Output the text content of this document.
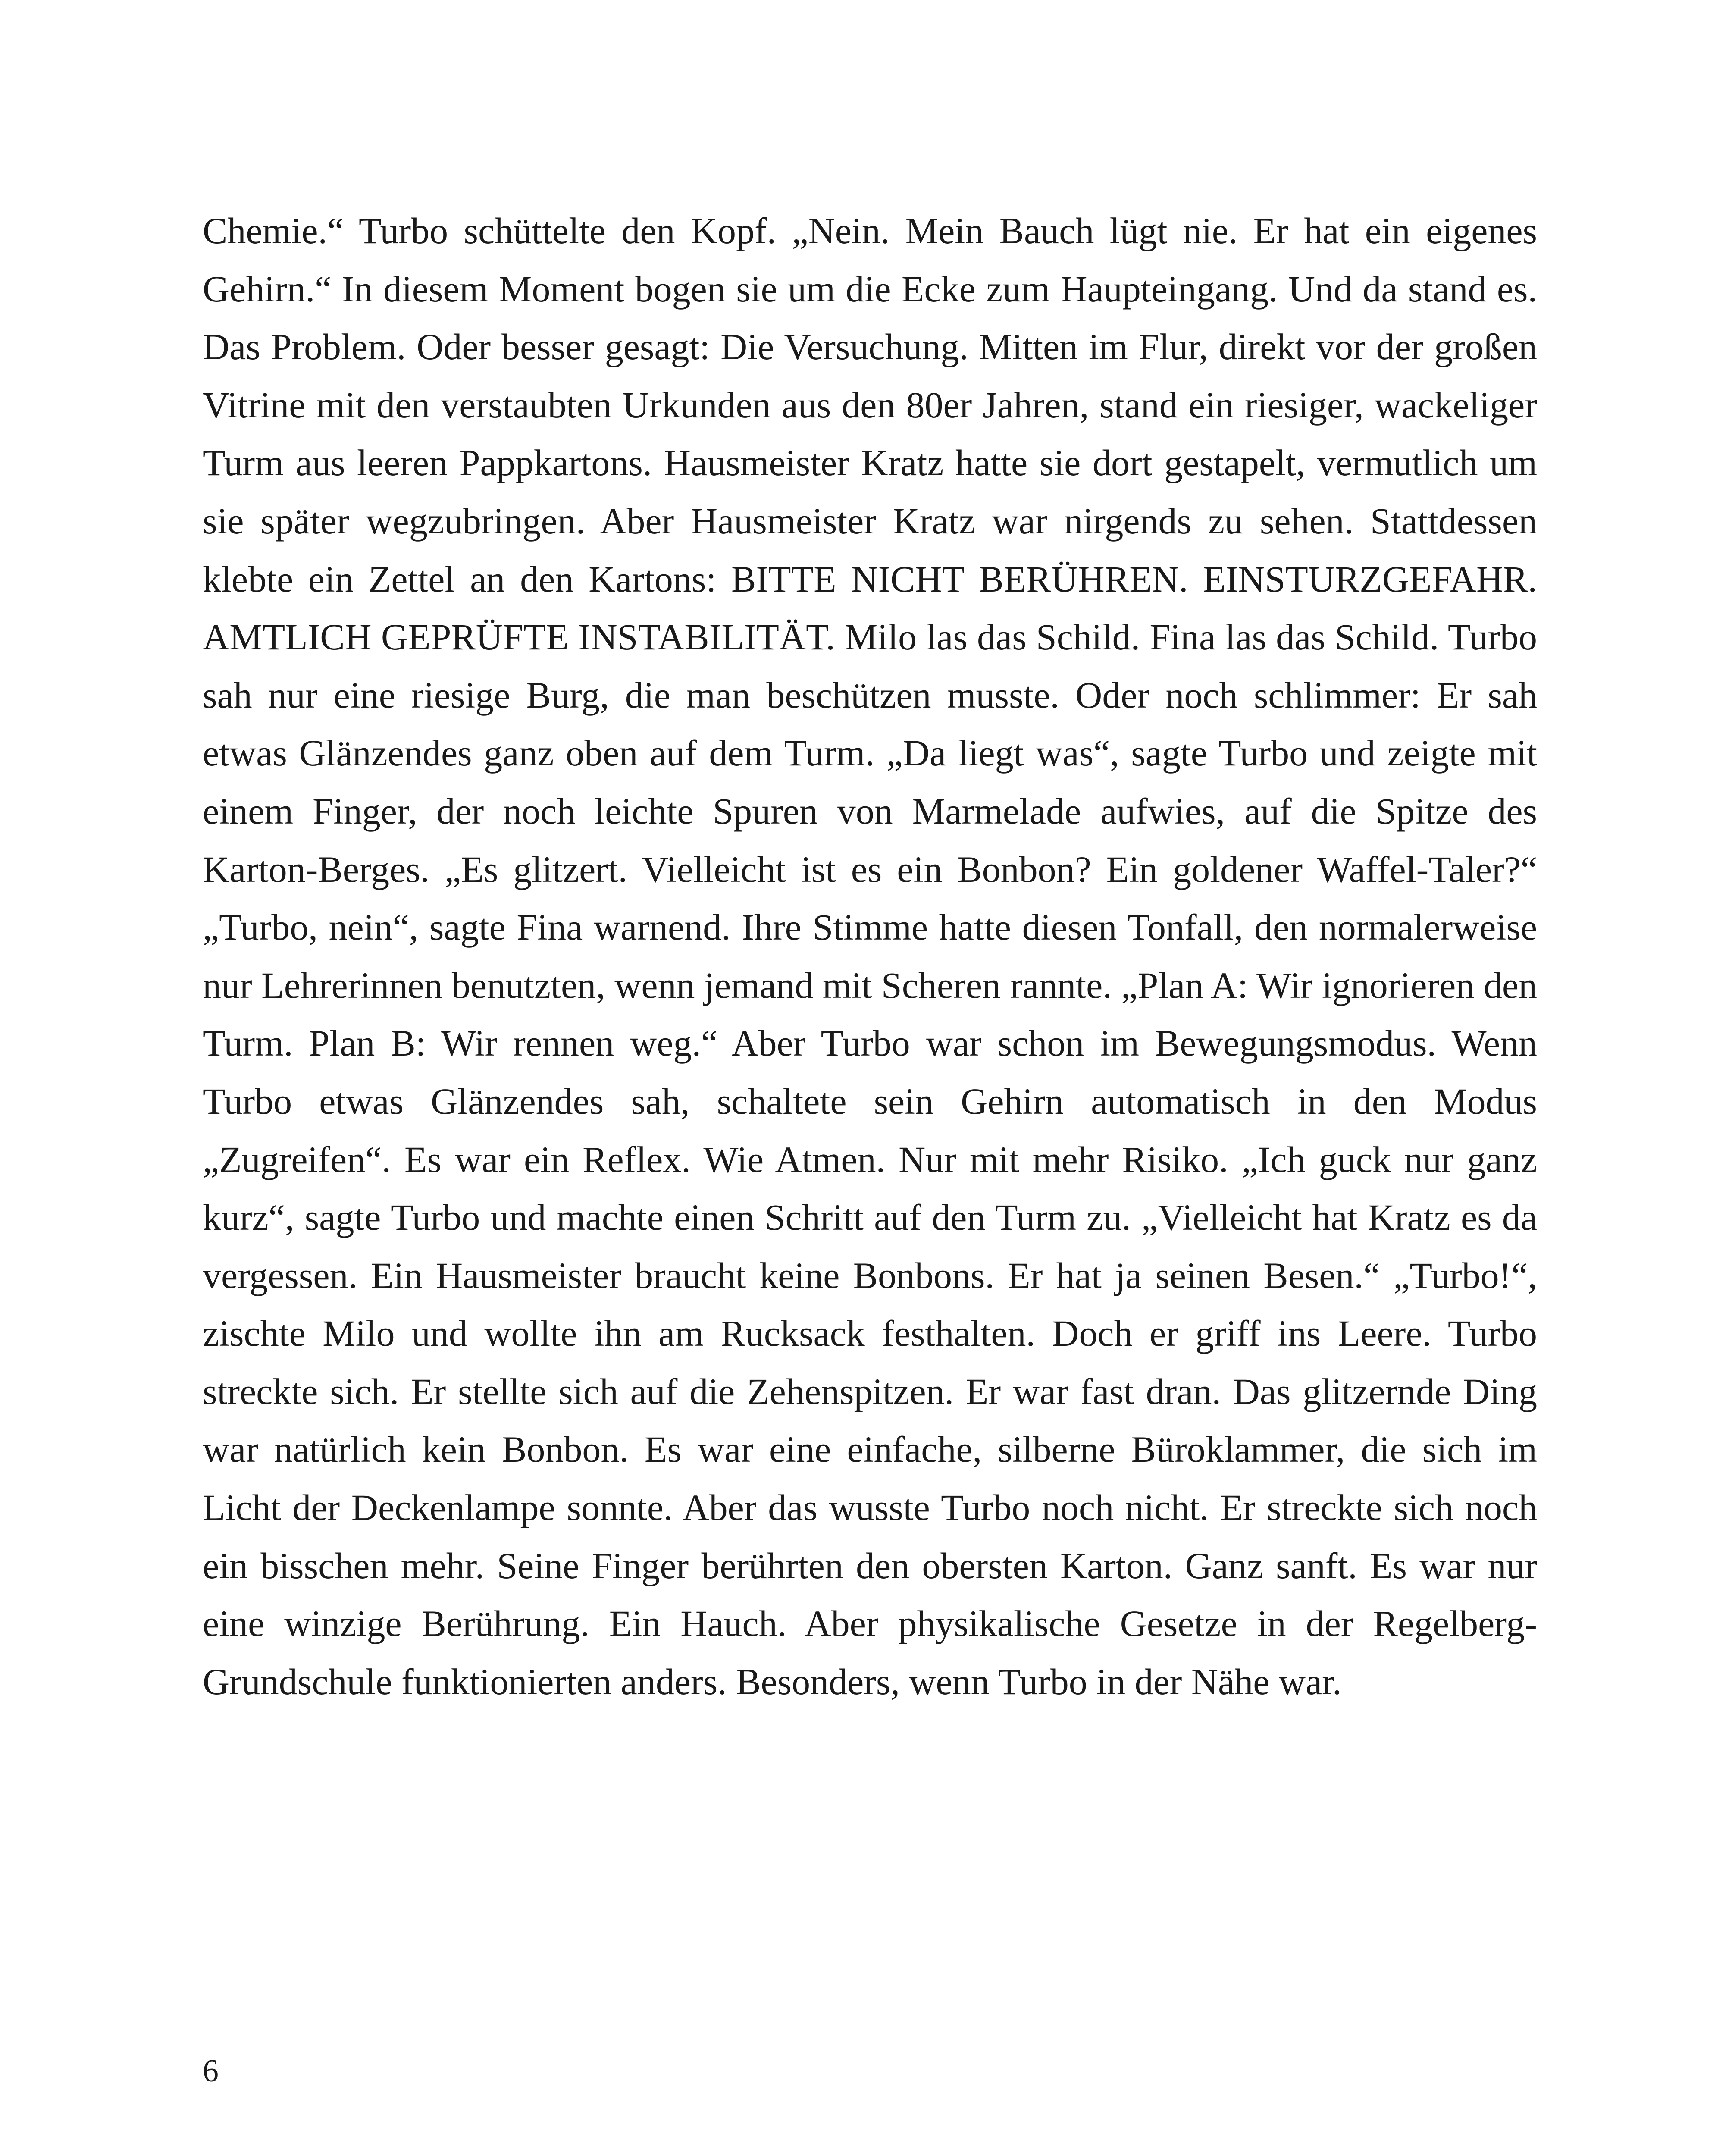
Chemie.“ Turbo schüttelte den Kopf. „Nein. Mein Bauch lügt nie. Er hat ein eigenes Gehirn.“ In diesem Moment bogen sie um die Ecke zum Haupteingang. Und da stand es. Das Problem. Oder besser gesagt: Die Versuchung. Mitten im Flur, direkt vor der großen Vitrine mit den verstaubten Urkunden aus den 80er Jahren, stand ein riesiger, wackeliger Turm aus leeren Pappkartons. Hausmeister Kratz hatte sie dort gestapelt, vermutlich um sie später wegzubringen. Aber Hausmeister Kratz war nirgends zu sehen. Stattdessen klebte ein Zettel an den Kartons: BITTE NICHT BERÜHREN. EINSTURZGEFAHR. AMTLICH GEPRÜFTE INSTABILITÄT. Milo las das Schild. Fina las das Schild. Turbo sah nur eine riesige Burg, die man beschützen musste. Oder noch schlimmer: Er sah etwas Glänzendes ganz oben auf dem Turm. „Da liegt was“, sagte Turbo und zeigte mit einem Finger, der noch leichte Spuren von Marmelade aufwies, auf die Spitze des Karton-Berges. „Es glitzert. Vielleicht ist es ein Bonbon? Ein goldener Waffel-Taler?“ „Turbo, nein“, sagte Fina warnend. Ihre Stimme hatte diesen Tonfall, den normalerweise nur Lehrerinnen benutzten, wenn jemand mit Scheren rannte. „Plan A: Wir ignorieren den Turm. Plan B: Wir rennen weg.“ Aber Turbo war schon im Bewegungsmodus. Wenn Turbo etwas Glänzendes sah, schaltete sein Gehirn automatisch in den Modus „Zugreifen“. Es war ein Reflex. Wie Atmen. Nur mit mehr Risiko. „Ich guck nur ganz kurz“, sagte Turbo und machte einen Schritt auf den Turm zu. „Vielleicht hat Kratz es da vergessen. Ein Hausmeister braucht keine Bonbons. Er hat ja seinen Besen.“ „Turbo!“, zischte Milo und wollte ihn am Rucksack festhalten. Doch er griff ins Leere. Turbo streckte sich. Er stellte sich auf die Zehenspitzen. Er war fast dran. Das glitzernde Ding war natürlich kein Bonbon. Es war eine einfache, silberne Büroklammer, die sich im Licht der Deckenlampe sonnte. Aber das wusste Turbo noch nicht. Er streckte sich noch ein bisschen mehr. Seine Finger berührten den obersten Karton. Ganz sanft. Es war nur eine winzige Berührung. Ein Hauch. Aber physikalische Gesetze in der Regelberg-Grundschule funktionierten anders. Besonders, wenn Turbo in der Nähe war.

6
